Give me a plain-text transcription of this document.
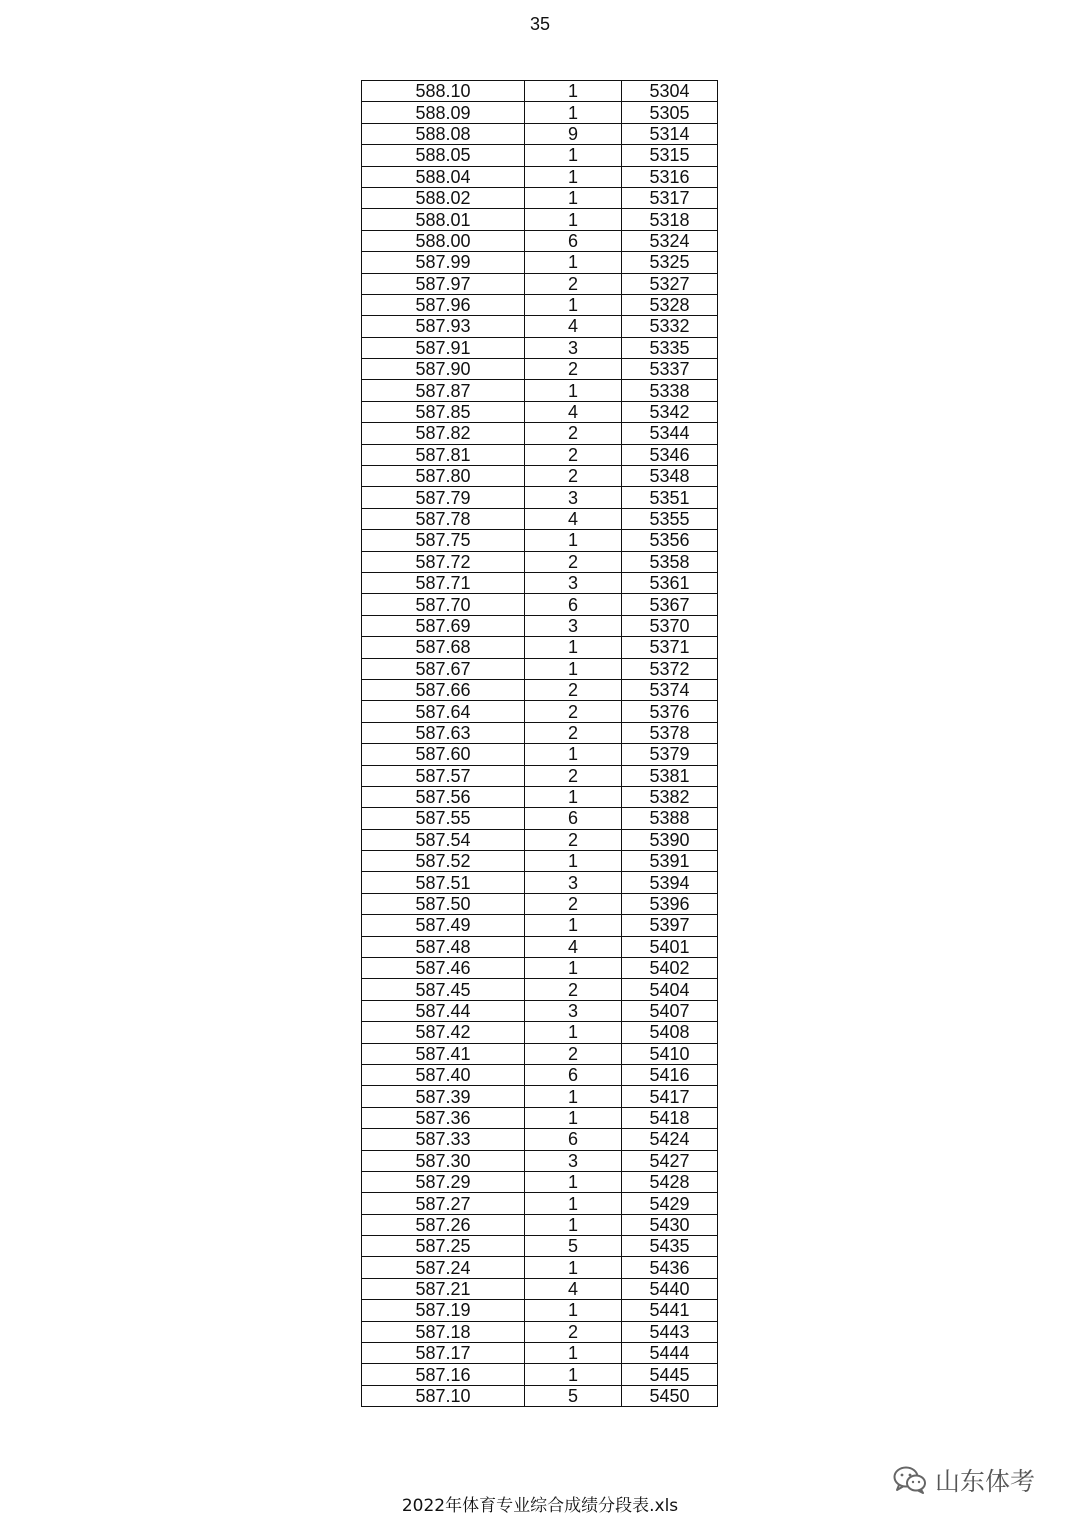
35
588.10	1	5304
588.09	1	5305
588.08	9	5314
588.05	1	5315
588.04	1	5316
588.02	1	5317
588.01	1	5318
588.00	6	5324
587.99	1	5325
587.97	2	5327
587.96	1	5328
587.93	4	5332
587.91	3	5335
587.90	2	5337
587.87	1	5338
587.85	4	5342
587.82	2	5344
587.81	2	5346
587.80	2	5348
587.79	3	5351
587.78	4	5355
587.75	1	5356
587.72	2	5358
587.71	3	5361
587.70	6	5367
587.69	3	5370
587.68	1	5371
587.67	1	5372
587.66	2	5374
587.64	2	5376
587.63	2	5378
587.60	1	5379
587.57	2	5381
587.56	1	5382
587.55	6	5388
587.54	2	5390
587.52	1	5391
587.51	3	5394
587.50	2	5396
587.49	1	5397
587.48	4	5401
587.46	1	5402
587.45	2	5404
587.44	3	5407
587.42	1	5408
587.41	2	5410
587.40	6	5416
587.39	1	5417
587.36	1	5418
587.33	6	5424
587.30	3	5427
587.29	1	5428
587.27	1	5429
587.26	1	5430
587.25	5	5435
587.24	1	5436
587.21	4	5440
587.19	1	5441
587.18	2	5443
587.17	1	5444
587.16	1	5445
587.10	5	5450
山东体考
2022年体育专业综合成绩分段表.xls
